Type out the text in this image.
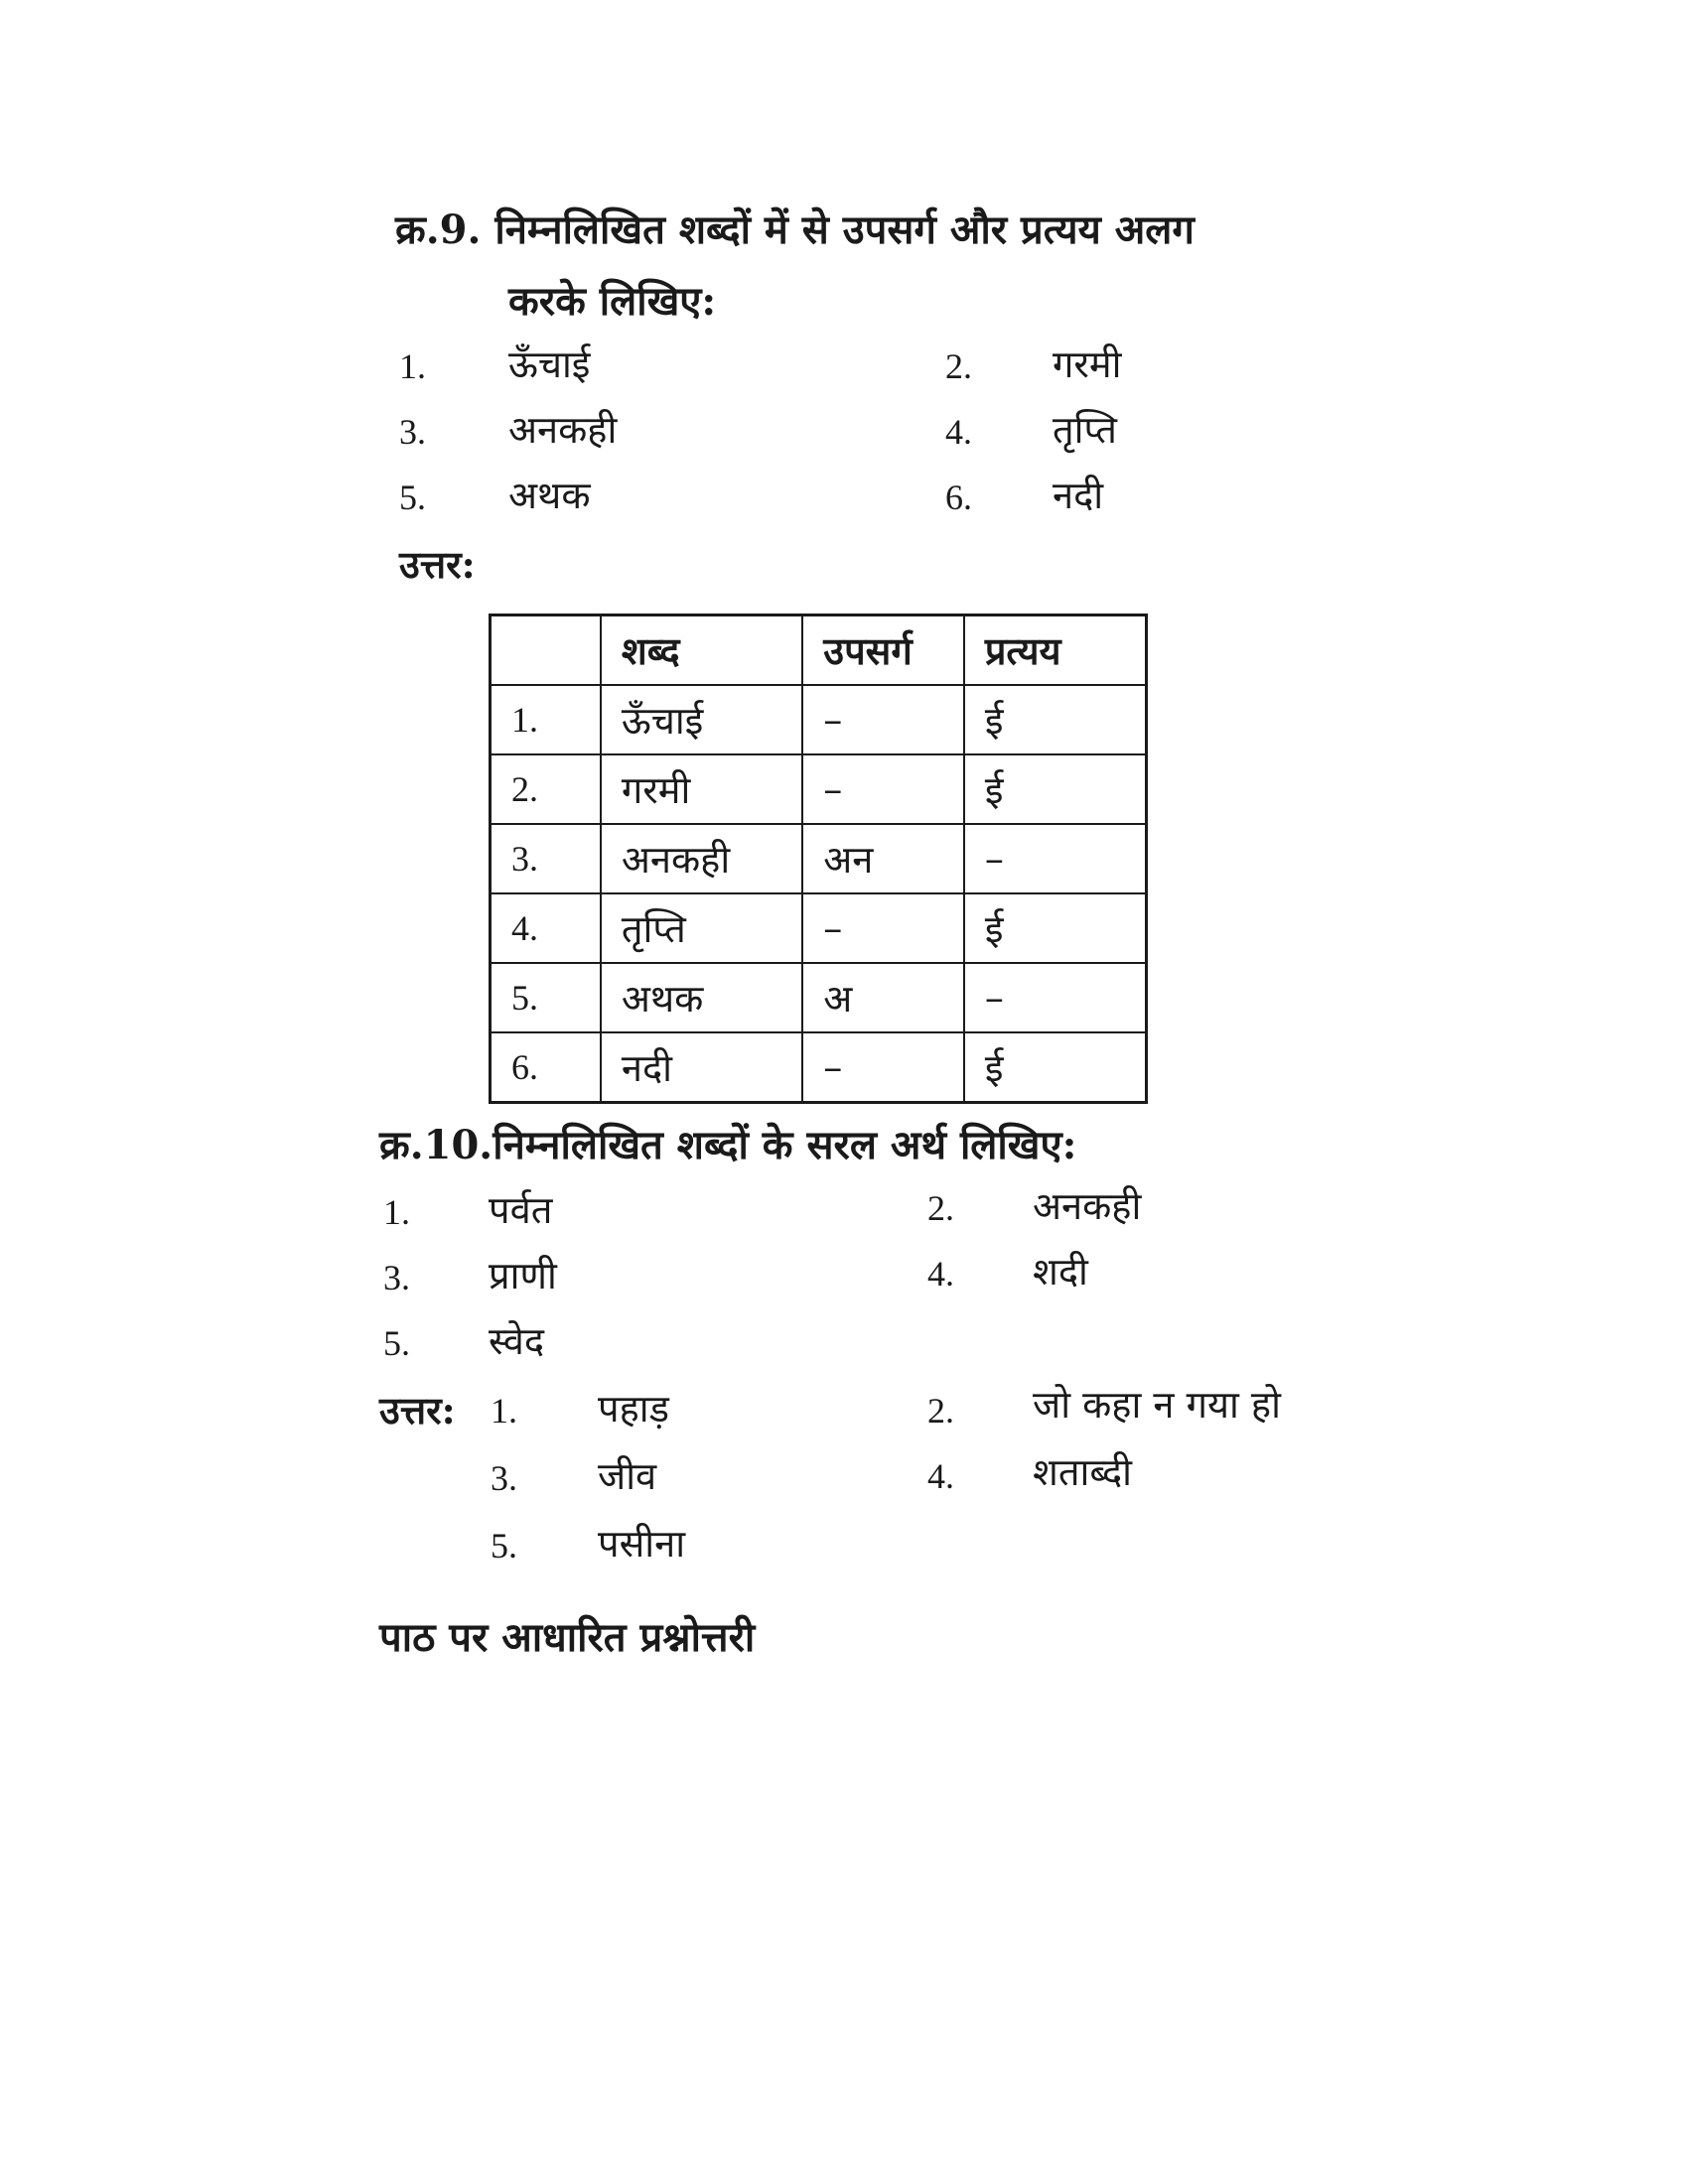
क्र.9. निम्नलिखित शब्दों में से उपसर्ग और प्रत्यय अलग
करके लिखिए:
1. ऊँचाई	2. गरमी
3. अनकही	4. तृप्ति
5. अथक	6. नदी
उत्तर:
	शब्द	उपसर्ग	प्रत्यय
1.	ऊँचाई	–	ई
2.	गरमी	–	ई
3.	अनकही	अन	–
4.	तृप्ति	–	ई
5.	अथक	अ	–
6.	नदी	–	ई
क्र.10.निम्नलिखित शब्दों के सरल अर्थ लिखिए:
1. पर्वत	2. अनकही
3. प्राणी	4. शदी
5. स्वेद
उत्तर: 1. पहाड़	2. जो कहा न गया हो
3. जीव	4. शताब्दी
5. पसीना
पाठ पर आधारित प्रश्नोत्तरी
